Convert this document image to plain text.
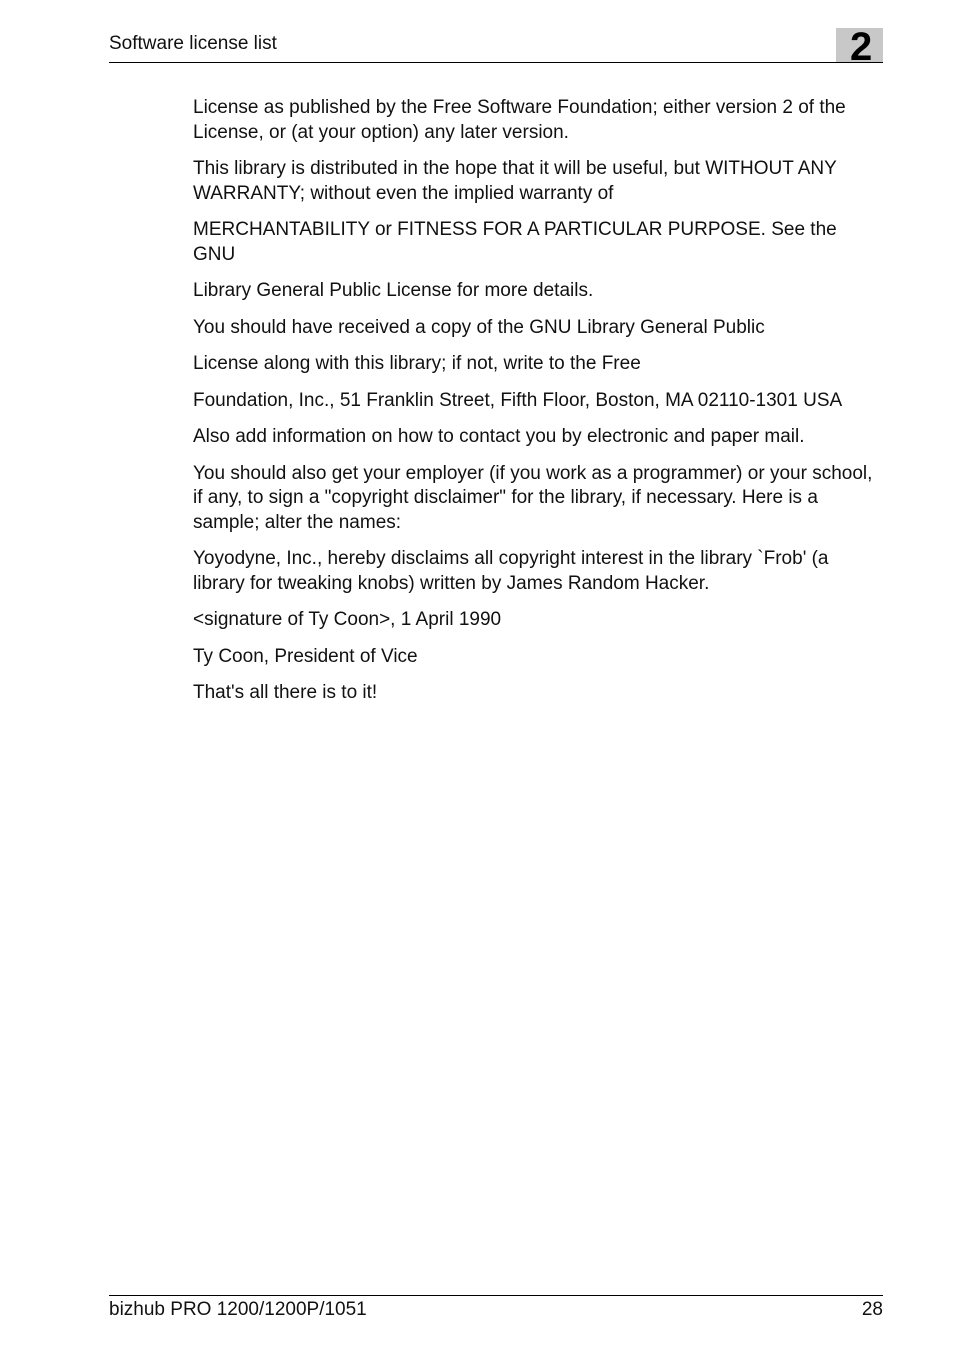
Software license list	2

License as published by the Free Software Foundation; either version 2 of the License, or (at your option) any later version.

This library is distributed in the hope that it will be useful, but WITHOUT ANY WARRANTY; without even the implied warranty of

MERCHANTABILITY or FITNESS FOR A PARTICULAR PURPOSE. See the GNU

Library General Public License for more details.

You should have received a copy of the GNU Library General Public

License along with this library; if not, write to the Free

Foundation, Inc., 51 Franklin Street, Fifth Floor, Boston, MA 02110-1301 USA

Also add information on how to contact you by electronic and paper mail.

You should also get your employer (if you work as a programmer) or your school, if any, to sign a "copyright disclaimer" for the library, if necessary. Here is a sample; alter the names:

Yoyodyne, Inc., hereby disclaims all copyright interest in the library `Frob' (a library for tweaking knobs) written by James Random Hacker.

<signature of Ty Coon>, 1 April 1990

Ty Coon, President of Vice

That's all there is to it!

bizhub PRO 1200/1200P/1051	28
